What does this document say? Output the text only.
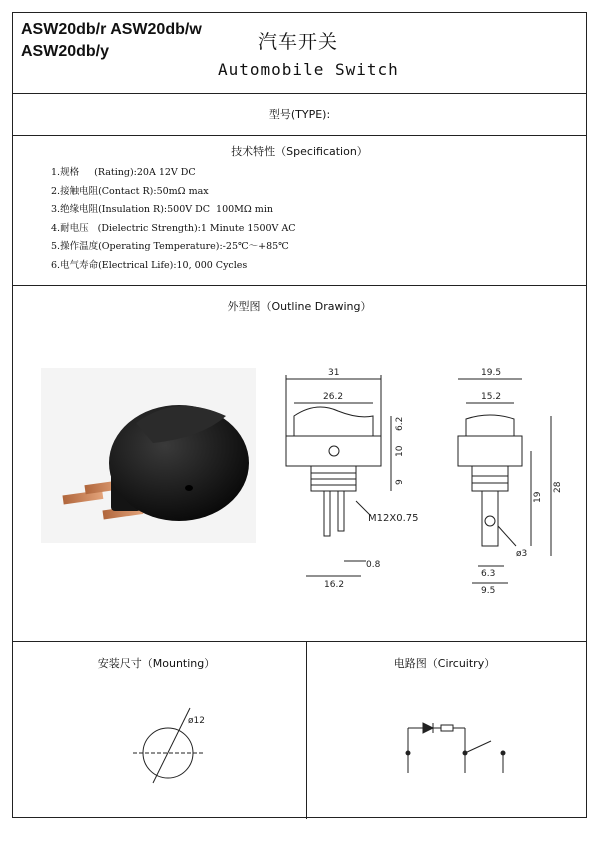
ASW20db/r ASW20db/w
ASW20db/y	汽车开关
Automobile Switch
型号(TYPE):
技术特性（Specification）
1.规格     (Rating):20A 12V DC
2.接触电阻(Contact R):50mΩ max
3.绝缘电阻(Insulation R):500V DC  100MΩ min
4.耐电压   (Dielectric Strength):1 Minute 1500V AC
5.操作温度(Operating Temperature):-25℃～+85℃
6.电气寿命(Electrical Life):10, 000 Cycles
外型图（Outline Drawing）
31
26.2
6.2
10
9
M12X0.75
0.8
16.2
19.5
15.2
19
28
ø3
6.3
9.5
安装尺寸（Mounting）
ø12
电路图（Circuitry）
